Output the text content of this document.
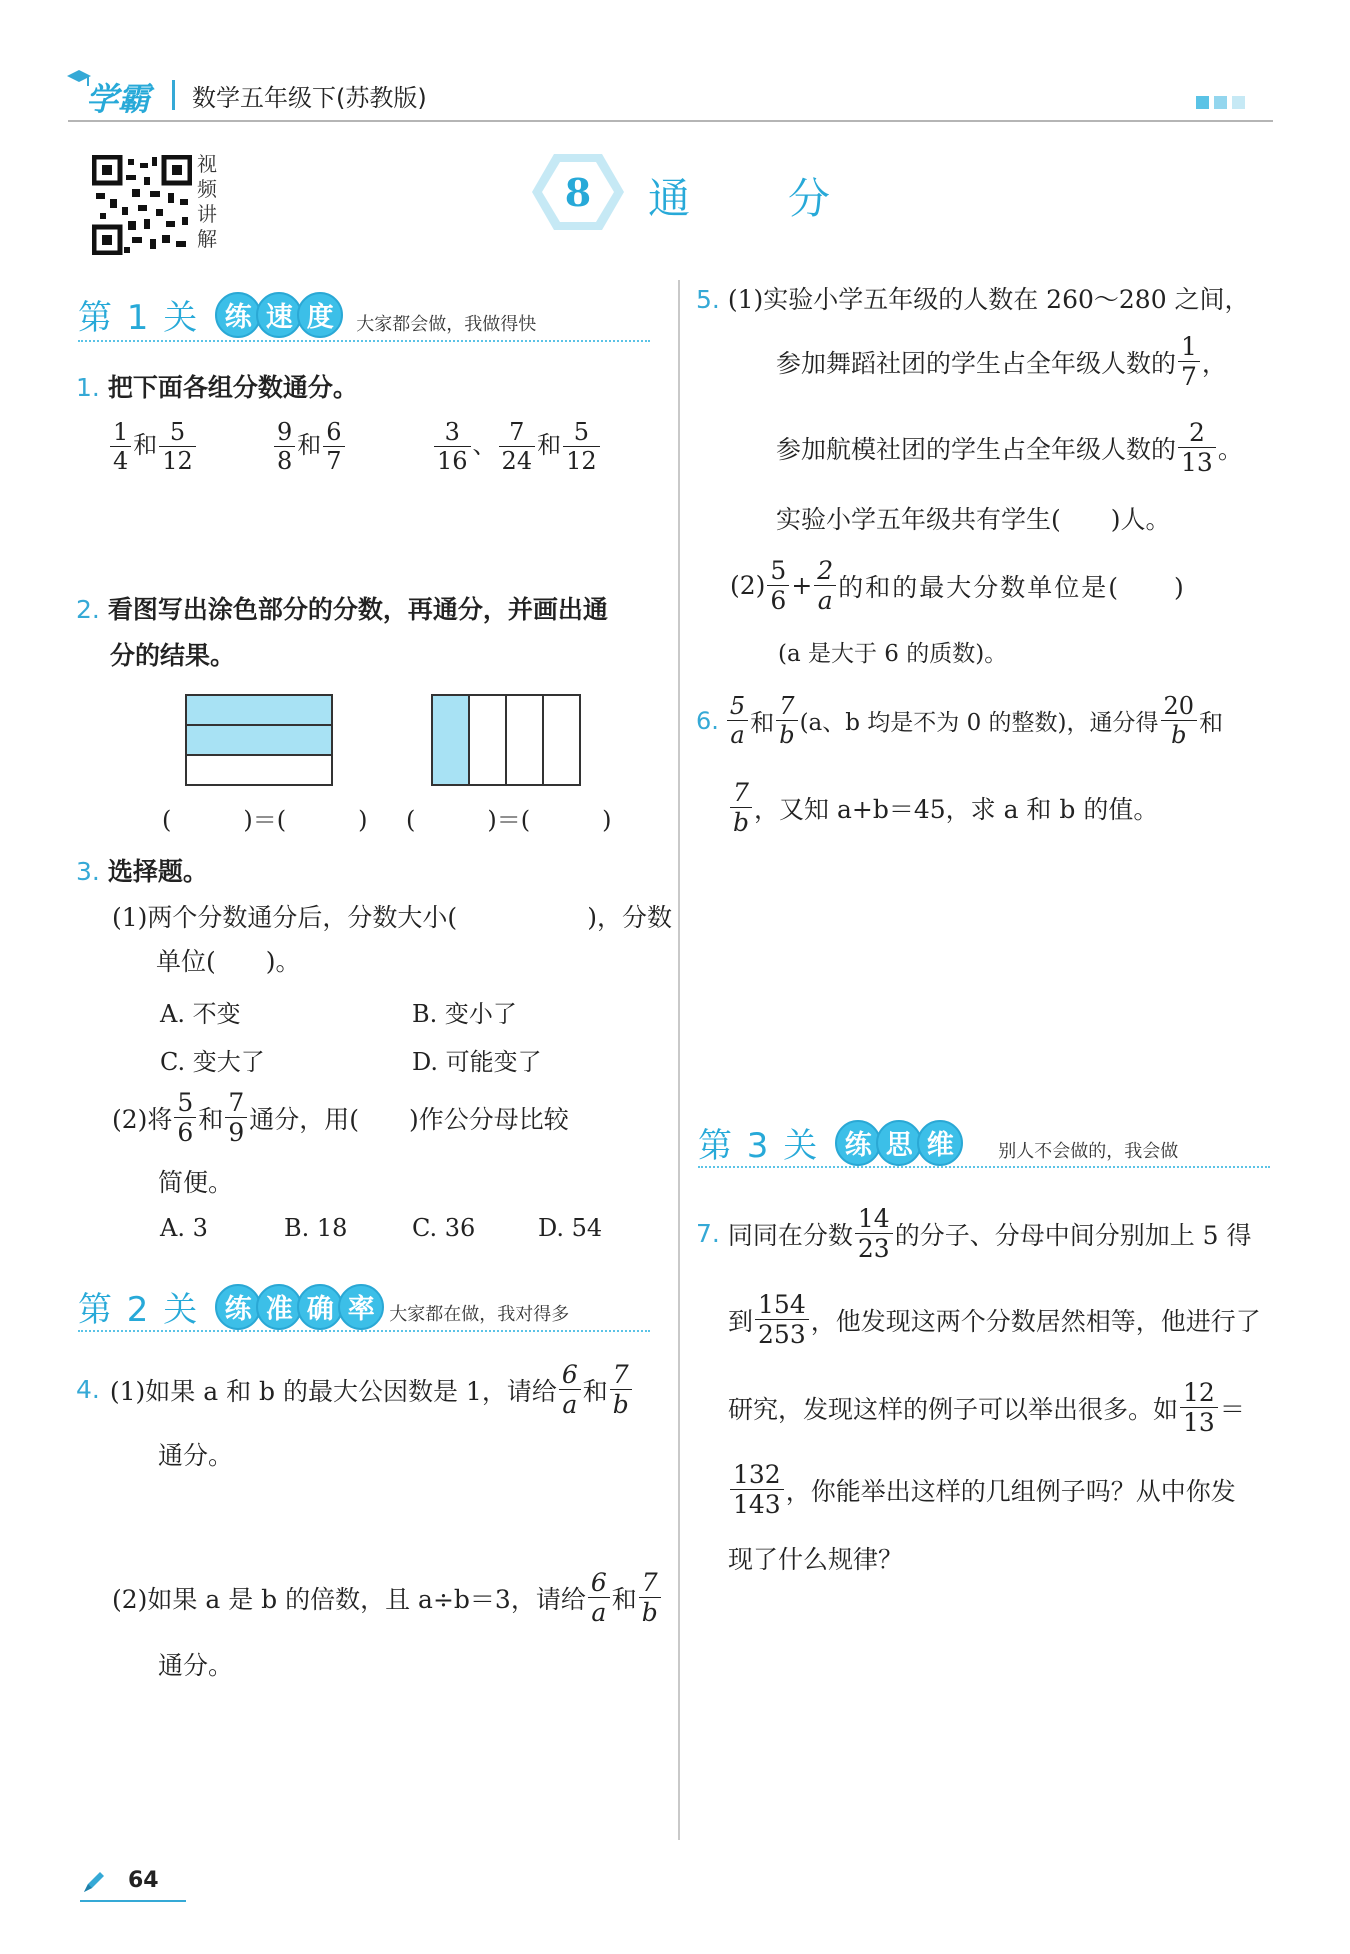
学霸 数学五年级下(苏教版)
视
频
讲
解
8	通 分
第 1 关 练 速 度	大家都会做，我做得快
1. 把下面各组分数通分。
$\frac{1}{4}$ 和 $\frac{5}{12}$	$\frac{9}{8}$ 和 $\frac{6}{7}$	$\frac{3}{16}$ 、 $\frac{7}{24}$ 和 $\frac{5}{12}$
2. 看图写出涂色部分的分数，再通分，并画出通
分的结果。
(　　　)＝(　　　) (　　　)＝(　　　)
3. 选择题。
(1)两个分数通分后，分数大小(	)，分数
单位(　　)。
A. 不变	B. 变小了
C. 变大了	D. 可能变了
(2)将
5
6 和
7
9 通分，用(　　)作公分母比较
简便。
A. 3	B. 18	C. 36	D. 54
第 2 关 练 准 确 率 大家都在做，我对得多
4. (1)如果 a 和 b 的最大公因数是 1，请给
6
a 和
7
b
通分。
(2)如果 a 是 b 的倍数，且 a÷b＝3，请给
6
a 和
7
b
通分。
5. (1)实验小学五年级的人数在 260～280 之间，
参加舞蹈社团的学生占全年级人数的
1
7 ，
参加航模社团的学生占全年级人数的
2
13 。
实验小学五年级共有学生(　　)人。
(2)
5
6
+ $\frac{2}{a}$ 的和的最大分数单位是(　　)
(a 是大于 6 的质数)。
6.
5
a 和
7
b (a、b 均是不为 0 的整数)，通分得
20
b 和
7
b ，又知 a+b＝45，求 a 和 b 的值。
第 3 关 练 思 维	别人不会做的，我会做
7. 同同在分数
14
23 的分子、分母中间分别加上 5 得
到
154
253 ，他发现这两个分数居然相等，他进行了
研究，发现这样的例子可以举出很多。如
12
13 ＝
132
143 ，你能举出这样的几组例子吗？从中你发
现了什么规律？
64
